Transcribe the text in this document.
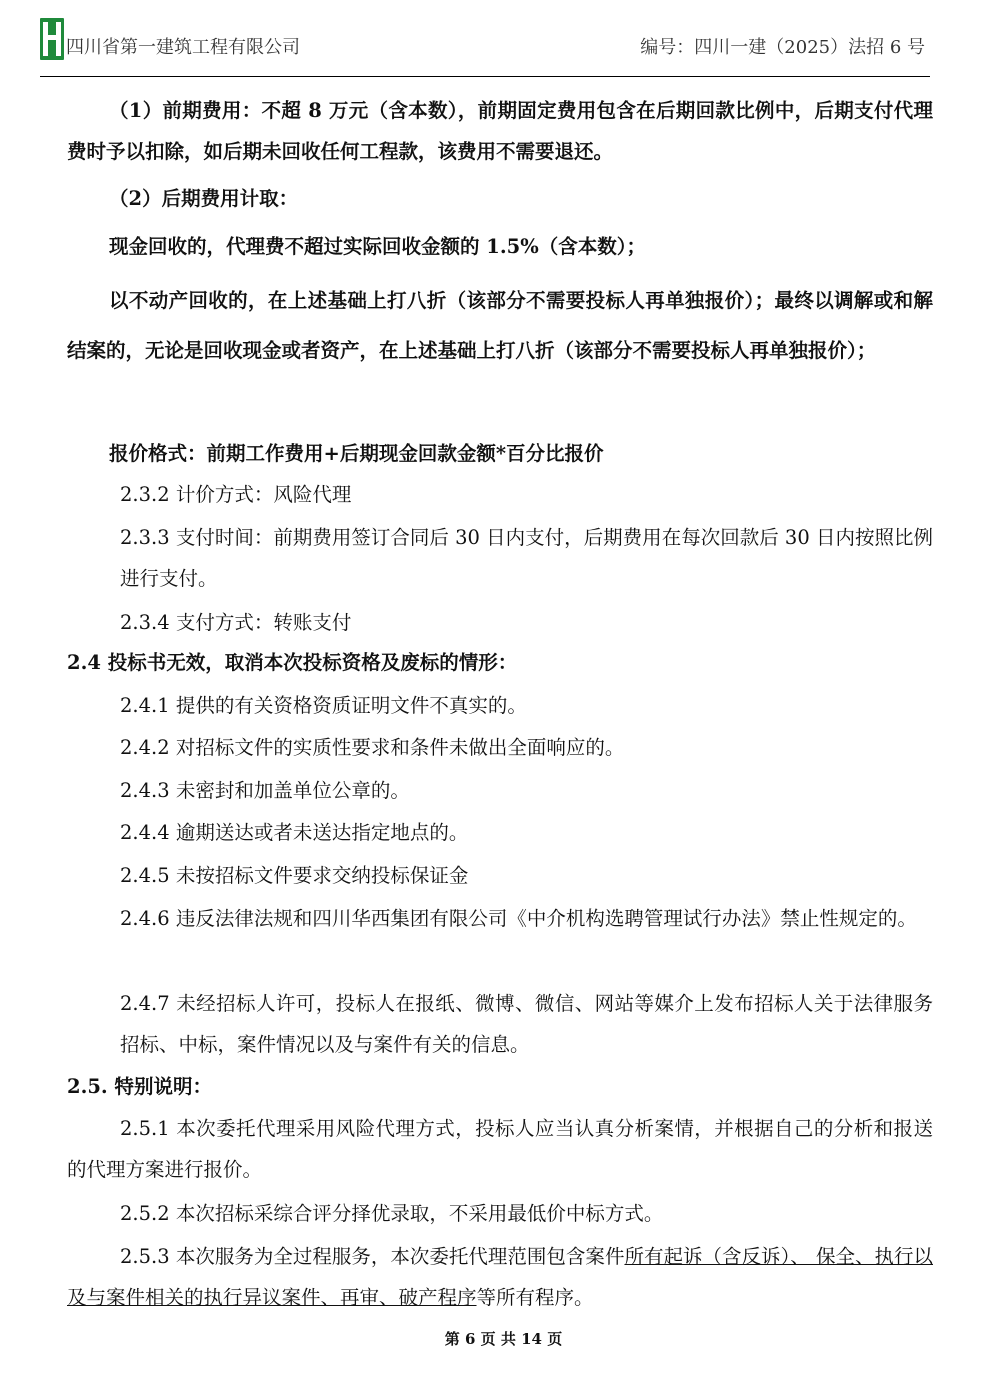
四川省第一建筑工程有限公司	编号：四川一建（2025）法招 6 号

（1）前期费用：不超 8 万元（含本数），前期固定费用包含在后期回款比例中，后期支付代理费时予以扣除，如后期未回收任何工程款，该费用不需要退还。

（2）后期费用计取：

现金回收的，代理费不超过实际回收金额的 1.5%（含本数）；

以不动产回收的，在上述基础上打八折（该部分不需要投标人再单独报价）；最终以调解或和解结案的，无论是回收现金或者资产，在上述基础上打八折（该部分不需要投标人再单独报价）；

报价格式：前期工作费用+后期现金回款金额*百分比报价

2.3.2 计价方式：风险代理

2.3.3 支付时间：前期费用签订合同后 30 日内支付，后期费用在每次回款后 30 日内按照比例进行支付。

2.3.4 支付方式：转账支付

2.4 投标书无效，取消本次投标资格及废标的情形：

2.4.1 提供的有关资格资质证明文件不真实的。

2.4.2 对招标文件的实质性要求和条件未做出全面响应的。

2.4.3 未密封和加盖单位公章的。

2.4.4 逾期送达或者未送达指定地点的。

2.4.5 未按招标文件要求交纳投标保证金

2.4.6 违反法律法规和四川华西集团有限公司《中介机构选聘管理试行办法》禁止性规定的。

2.4.7 未经招标人许可，投标人在报纸、微博、微信、网站等媒介上发布招标人关于法律服务招标、中标，案件情况以及与案件有关的信息。

2.5. 特别说明：

2.5.1 本次委托代理采用风险代理方式，投标人应当认真分析案情，并根据自己的分析和报送的代理方案进行报价。

2.5.2 本次招标采综合评分择优录取，不采用最低价中标方式。

2.5.3 本次服务为全过程服务，本次委托代理范围包含案件所有起诉（含反诉）、 保全、执行以及与案件相关的执行异议案件、再审、破产程序等所有程序。

第 6 页 共 14 页
